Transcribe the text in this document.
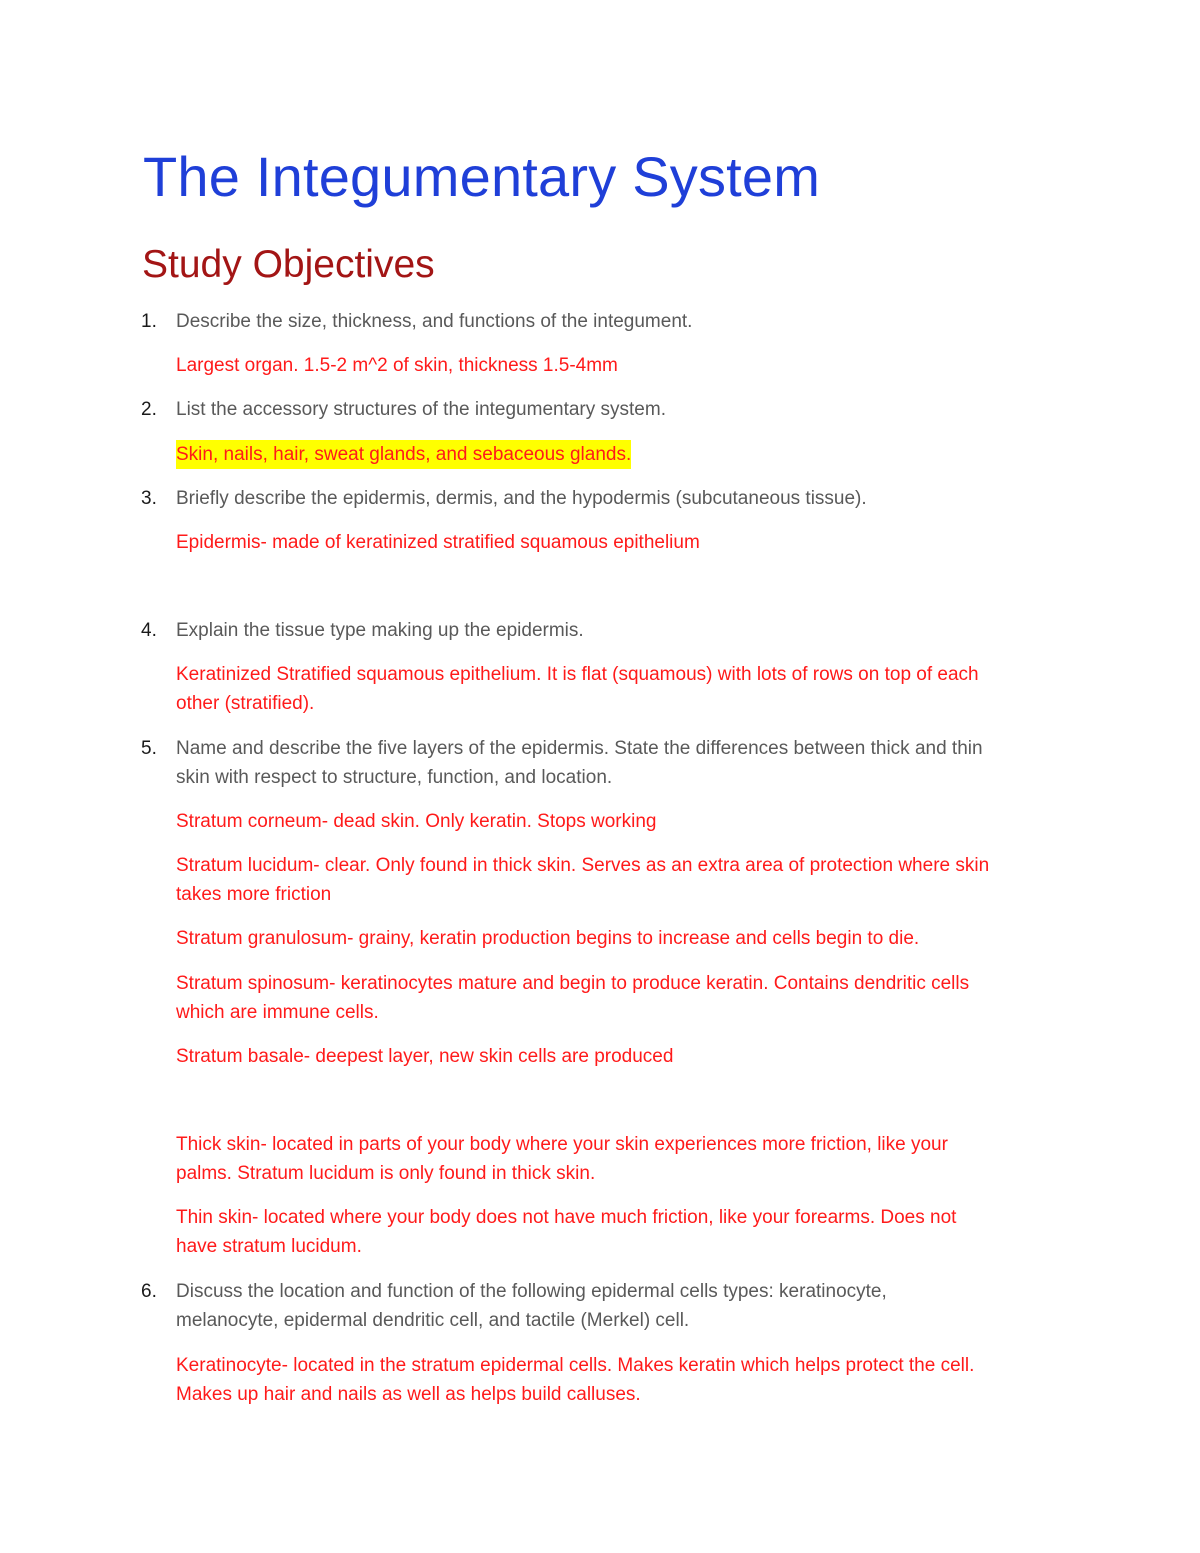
The Integumentary System
Study Objectives
1. Describe the size, thickness, and functions of the integument.
Largest organ. 1.5-2 m^2 of skin, thickness 1.5-4mm
2. List the accessory structures of the integumentary system.
Skin, nails, hair, sweat glands, and sebaceous glands.
3. Briefly describe the epidermis, dermis, and the hypodermis (subcutaneous tissue).
Epidermis- made of keratinized stratified squamous epithelium
4. Explain the tissue type making up the epidermis.
Keratinized Stratified squamous epithelium. It is flat (squamous) with lots of rows on top of each
other (stratified).
5. Name and describe the five layers of the epidermis. State the differences between thick and thin
skin with respect to structure, function, and location.
Stratum corneum- dead skin. Only keratin. Stops working
Stratum lucidum- clear. Only found in thick skin. Serves as an extra area of protection where skin
takes more friction
Stratum granulosum- grainy, keratin production begins to increase and cells begin to die.
Stratum spinosum- keratinocytes mature and begin to produce keratin. Contains dendritic cells
which are immune cells.
Stratum basale- deepest layer, new skin cells are produced
Thick skin- located in parts of your body where your skin experiences more friction, like your
palms. Stratum lucidum is only found in thick skin.
Thin skin- located where your body does not have much friction, like your forearms. Does not
have stratum lucidum.
6. Discuss the location and function of the following epidermal cells types: keratinocyte,
melanocyte, epidermal dendritic cell, and tactile (Merkel) cell.
Keratinocyte- located in the stratum epidermal cells. Makes keratin which helps protect the cell.
Makes up hair and nails as well as helps build calluses.
